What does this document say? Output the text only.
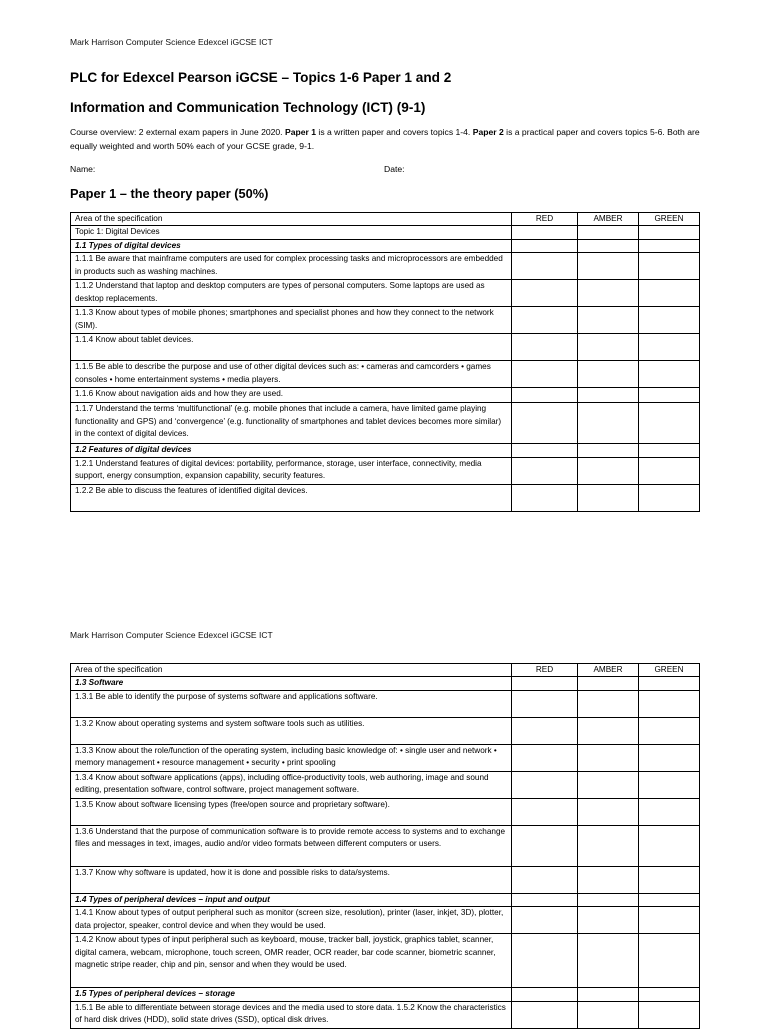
Mark Harrison Computer Science Edexcel iGCSE ICT
PLC for Edexcel Pearson iGCSE – Topics 1-6 Paper 1 and 2
Information and Communication Technology (ICT) (9-1)
Course overview: 2 external exam papers in June 2020. Paper 1 is a written paper and covers topics 1-4. Paper 2 is a practical paper and covers topics 5-6. Both are equally weighted and worth 50% each of your GCSE grade, 9-1.
Name:	Date:
Paper 1 – the theory paper (50%)
Area of the specification	RED	AMBER	GREEN
Topic 1: Digital Devices			
1.1 Types of digital devices			
1.1.1 Be aware that mainframe computers are used for complex processing tasks and microprocessors are embedded in products such as washing machines.			
1.1.2 Understand that laptop and desktop computers are types of personal computers. Some laptops are used as desktop replacements.			
1.1.3 Know about types of mobile phones; smartphones and specialist phones and how they connect to the network (SIM).			
1.1.4 Know about tablet devices.			
1.1.5 Be able to describe the purpose and use of other digital devices such as: • cameras and camcorders • games consoles • home entertainment systems • media players.			
1.1.6 Know about navigation aids and how they are used.			
1.1.7 Understand the terms ‘multifunctional’ (e.g. mobile phones that include a camera, have limited game playing functionality and GPS) and ‘convergence’ (e.g. functionality of smartphones and tablet devices becomes more similar) in the context of digital devices.			
1.2 Features of digital devices			
1.2.1 Understand features of digital devices: portability, performance, storage, user interface, connectivity, media support, energy consumption, expansion capability, security features.			
1.2.2 Be able to discuss the features of identified digital devices.			
Mark Harrison Computer Science Edexcel iGCSE ICT
Area of the specification	RED	AMBER	GREEN
1.3 Software			
1.3.1 Be able to identify the purpose of systems software and applications software.			
1.3.2 Know about operating systems and system software tools such as utilities.			
1.3.3 Know about the role/function of the operating system, including basic knowledge of: • single user and network • memory management • resource management • security • print spooling			
1.3.4 Know about software applications (apps), including office-productivity tools, web authoring, image and sound editing, presentation software, control software, project management software.			
1.3.5 Know about software licensing types (free/open source and proprietary software).			
1.3.6 Understand that the purpose of communication software is to provide remote access to systems and to exchange files and messages in text, images, audio and/or video formats between different computers or users.			
1.3.7 Know why software is updated, how it is done and possible risks to data/systems.			
1.4 Types of peripheral devices – input and output			
1.4.1 Know about types of output peripheral such as monitor (screen size, resolution), printer (laser, inkjet, 3D), plotter, data projector, speaker, control device and when they would be used.			
1.4.2 Know about types of input peripheral such as keyboard, mouse, tracker ball, joystick, graphics tablet, scanner, digital camera, webcam, microphone, touch screen, OMR reader, OCR reader, bar code scanner, biometric scanner, magnetic stripe reader, chip and pin, sensor and when they would be used.			
1.5 Types of peripheral devices – storage			
1.5.1 Be able to differentiate between storage devices and the media used to store data. 1.5.2 Know the characteristics of hard disk drives (HDD), solid state drives (SSD), optical disk drives.			
